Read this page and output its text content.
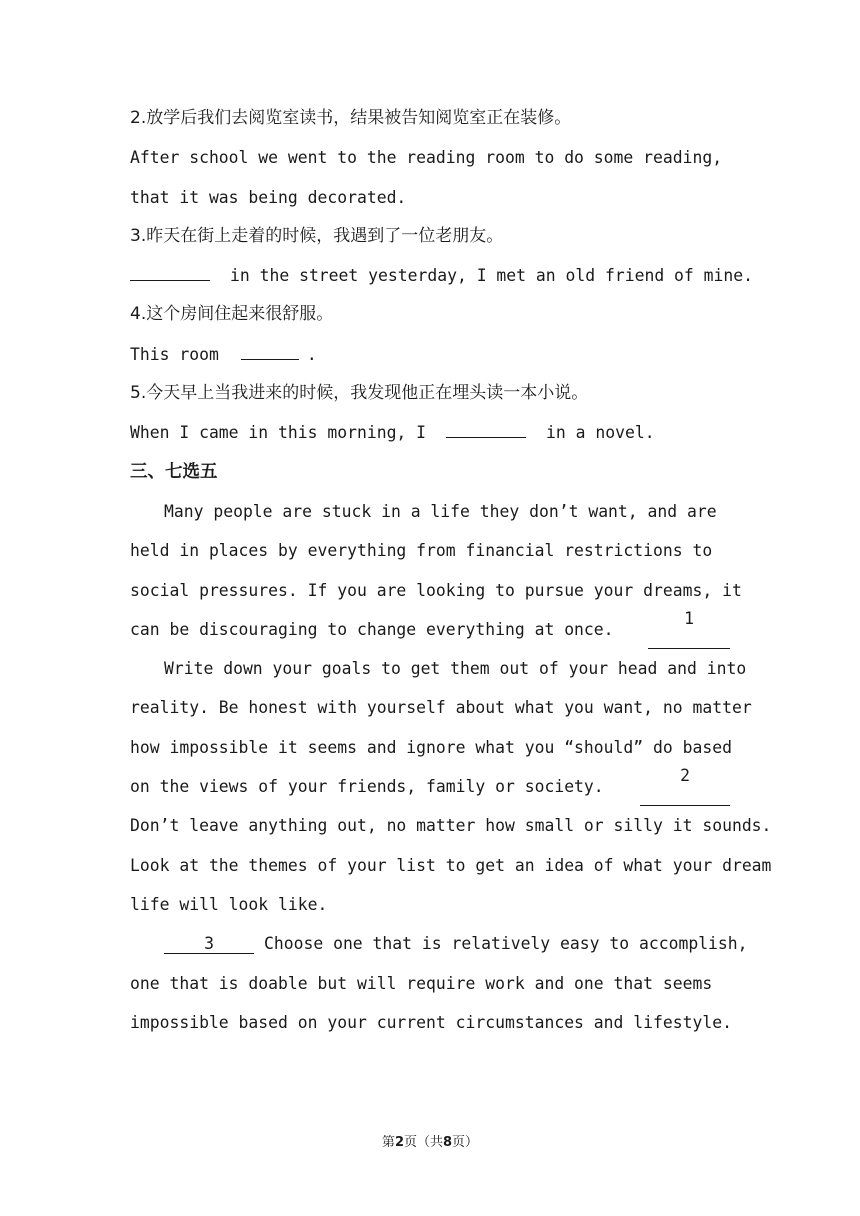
2.放学后我们去阅览室读书，结果被告知阅览室正在装修。
After school we went to the reading room to do some reading,
that it was being decorated.
3.昨天在街上走着的时候，我遇到了一位老朋友。
in the street yesterday, I met an old friend of mine.
4.这个房间住起来很舒服。
This room	.
5.今天早上当我进来的时候，我发现他正在埋头读一本小说。
When I came in this morning, I	in a novel.
三、七选五
Many people are stuck in a life they don’t want, and are
held in places by everything from financial restrictions to
social pressures. If you are looking to pursue your dreams, it
can be discouraging to change everything at once.
1
Write down your goals to get them out of your head and into
reality. Be honest with yourself about what you want, no matter
how impossible it seems and ignore what you “should” do based
on the views of your friends, family or society.
2
Don’t leave anything out, no matter how small or silly it sounds.
Look at the themes of your list to get an idea of what your dream
life will look like.
3	Choose one that is relatively easy to accomplish,
one that is doable but will require work and one that seems
impossible based on your current circumstances and lifestyle.
第2页（共8页）
